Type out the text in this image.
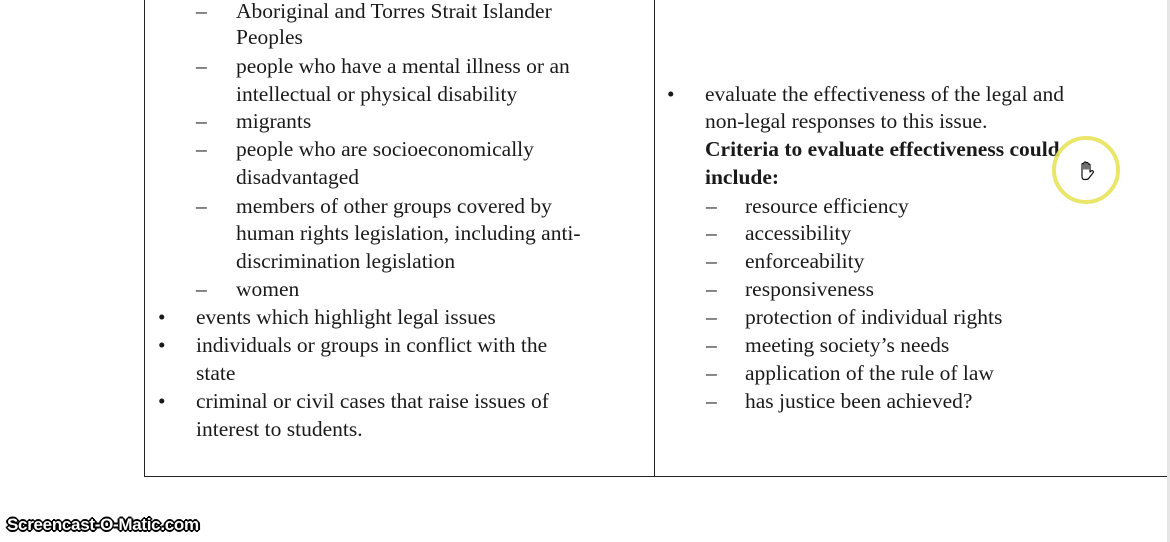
– Aboriginal and Torres Strait Islander
Peoples
– people who have a mental illness or an
intellectual or physical disability
– migrants
– people who are socioeconomically
disadvantaged
– members of other groups covered by
human rights legislation, including anti-
discrimination legislation
– women
• events which highlight legal issues
• individuals or groups in conflict with the
state
• criminal or civil cases that raise issues of
interest to students.
• evaluate the effectiveness of the legal and
non-legal responses to this issue.
Criteria to evaluate effectiveness could
include:
– resource efficiency
– accessibility
– enforceability
– responsiveness
– protection of individual rights
– meeting society’s needs
– application of the rule of law
– has justice been achieved?
Screencast-O-Matic.com
